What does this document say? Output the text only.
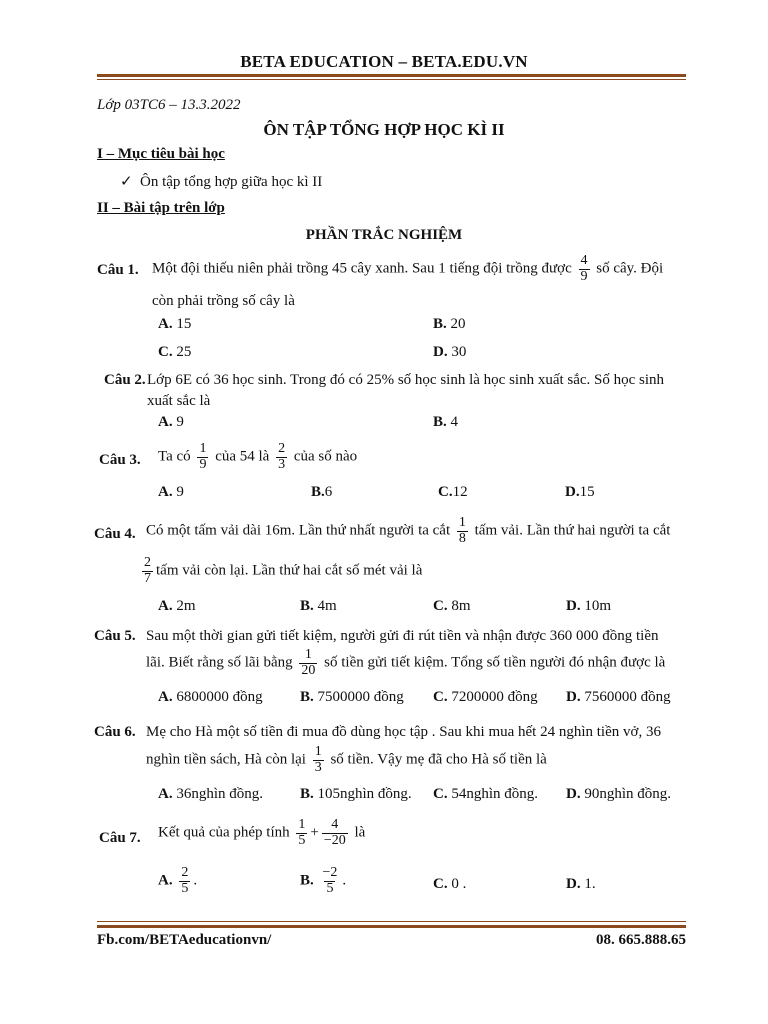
BETA EDUCATION – BETA.EDU.VN
Lớp 03TC6 – 13.3.2022
ÔN TẬP TỔNG HỢP HỌC KÌ II
I – Mục tiêu bài học
✓ Ôn tập tổng hợp giữa học kì II
II – Bài tập trên lớp
PHẦN TRẮC NGHIỆM
Câu 1. Một đội thiếu niên phải trồng 45 cây xanh. Sau 1 tiếng đội trồng được $\frac{4}{9}$ số cây. Đội
còn phải trồng số cây là
A. 15	B. 20
C. 25	D. 30
Câu 2. Lớp 6E có 36 học sinh. Trong đó có 25% số học sinh là học sinh xuất sắc. Số học sinh
xuất sắc là
A. 9	B. 4
Câu 3. Ta có $\frac{1}{9}$ của 54 là $\frac{2}{3}$ của số nào
A. 9	B.6	C.12	D.15
Câu 4. Có một tấm vải dài 16m. Lần thứ nhất người ta cắt $\frac{1}{8}$ tấm vải. Lần thứ hai người ta cắt
$\frac{2}{7}$ tấm vải còn lại. Lần thứ hai cắt số mét vải là
A. 2m	B. 4m	C. 8m	D. 10m
Câu 5. Sau một thời gian gửi tiết kiệm, người gửi đi rút tiền và nhận được 360 000 đồng tiền
lãi. Biết rằng số lãi bằng $\frac{1}{20}$ số tiền gửi tiết kiệm. Tổng số tiền người đó nhận được là
A. 6800000 đồng B. 7500000 đồng C. 7200000 đồng D. 7560000 đồng
Câu 6. Mẹ cho Hà một số tiền đi mua đồ dùng học tập . Sau khi mua hết 24 nghìn tiền vở, 36
nghìn tiền sách, Hà còn lại $\frac{1}{3}$ số tiền. Vậy mẹ đã cho Hà số tiền là
A. 36nghìn đồng. B. 105nghìn đồng. C. 54nghìn đồng. D. 90nghìn đồng.
Câu 7. Kết quả của phép tính $\frac{1}{5} + \frac{4}{-20}$ là
A. $\frac{2}{5}$ .	B. $\frac{-2}{5}$ .	C. 0 .	D. 1.
Fb.com/BETAeducationvn/	08. 665.888.65
